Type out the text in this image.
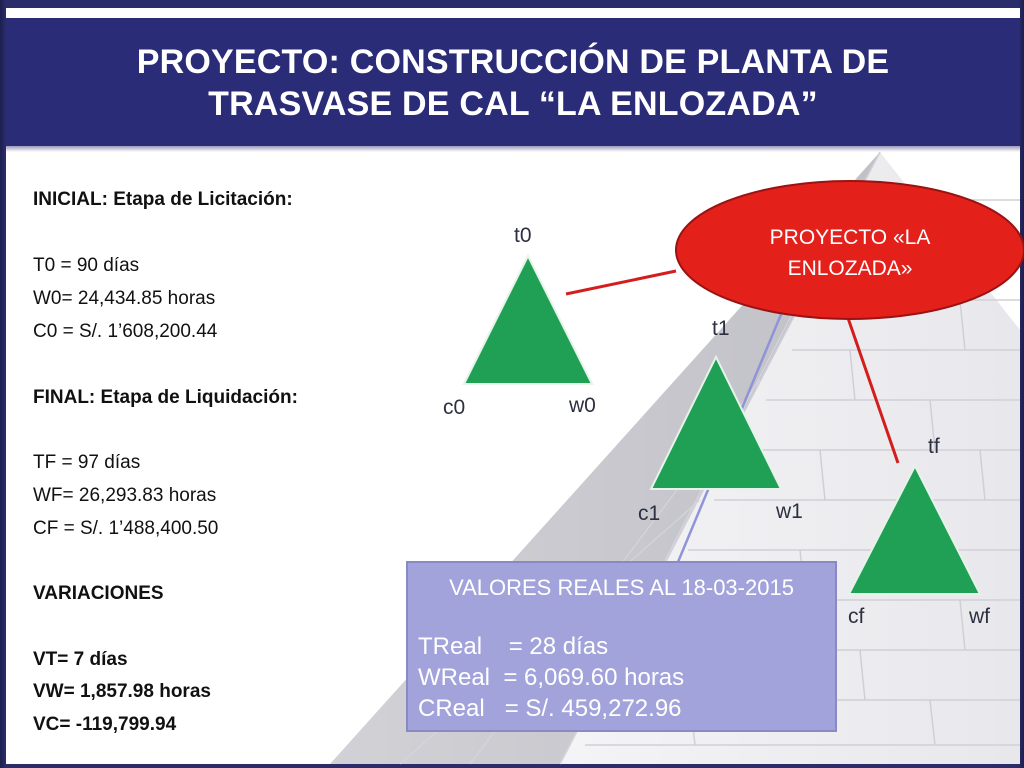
PROYECTO: CONSTRUCCIÓN DE PLANTA DE
TRASVASE DE CAL “LA ENLOZADA”
INICIAL: Etapa de Licitación:
T0 = 90 días
W0= 24,434.85 horas
C0 = S/. 1’608,200.44
FINAL: Etapa de Liquidación:
TF = 97 días
WF= 26,293.83 horas
CF = S/. 1’488,400.50
VARIACIONES
VT= 7 días
VW= 1,857.98 horas
VC= -119,799.94
PROYECTO «LA
ENLOZADA»
t0
c0	w0
t1
c1	w1
tf
cf	wf
VALORES REALES AL 18-03-2015
TReal    = 28 días
WReal  = 6,069.60 horas
CReal   = S/. 459,272.96
